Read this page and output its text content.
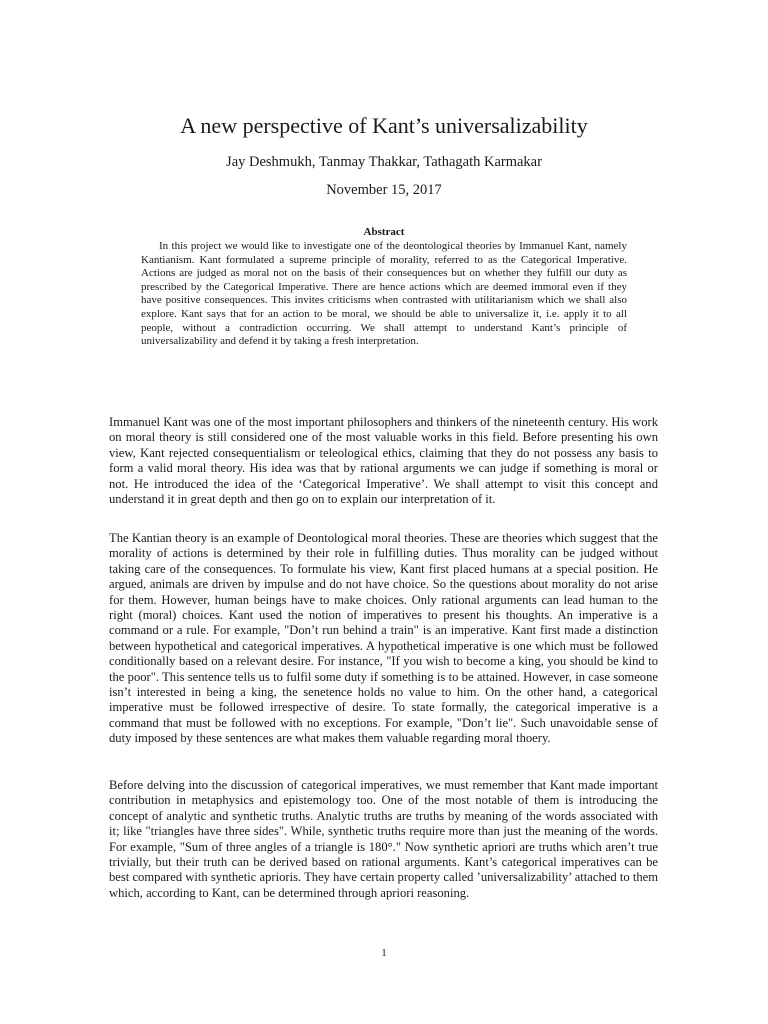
A new perspective of Kant’s universalizability
Jay Deshmukh, Tanmay Thakkar, Tathagath Karmakar
November 15, 2017
Abstract

In this project we would like to investigate one of the deontological theories by Immanuel Kant, namely Kantianism. Kant formulated a supreme principle of morality, referred to as the Categorical Imperative. Actions are judged as moral not on the basis of their consequences but on whether they fulfill our duty as prescribed by the Categorical Imperative. There are hence actions which are deemed immoral even if they have positive consequences. This invites criticisms when contrasted with utilitarianism which we shall also explore. Kant says that for an action to be moral, we should be able to universalize it, i.e. apply it to all people, without a contradiction occurring. We shall attempt to understand Kant’s principle of universalizability and defend it by taking a fresh interpretation.

Immanuel Kant was one of the most important philosophers and thinkers of the nineteenth century. His work on moral theory is still considered one of the most valuable works in this field. Before presenting his own view, Kant rejected consequentialism or teleological ethics, claiming that they do not possess any basis to form a valid moral theory. His idea was that by rational arguments we can judge if something is moral or not. He introduced the idea of the ‘Categorical Imperative’. We shall attempt to visit this concept and understand it in great depth and then go on to explain our interpretation of it.

The Kantian theory is an example of Deontological moral theories. These are theories which suggest that the morality of actions is determined by their role in fulfilling duties. Thus morality can be judged without taking care of the consequences. To formulate his view, Kant first placed humans at a special position. He argued, animals are driven by impulse and do not have choice. So the questions about morality do not arise for them. However, human beings have to make choices. Only rational arguments can lead human to the right (moral) choices. Kant used the notion of imperatives to present his thoughts. An imperative is a command or a rule. For example, "Don’t run behind a train" is an imperative. Kant first made a distinction between hypothetical and categorical imperatives. A hypothetical imperative is one which must be followed conditionally based on a relevant desire. For instance, "If you wish to become a king, you should be kind to the poor". This sentence tells us to fulfil some duty if something is to be attained. However, in case someone isn’t interested in being a king, the senetence holds no value to him. On the other hand, a categorical imperative must be followed irrespective of desire. To state formally, the categorical imperative is a command that must be followed with no exceptions. For example, "Don’t lie". Such unavoidable sense of duty imposed by these sentences are what makes them valuable regarding moral thoery.

Before delving into the discussion of categorical imperatives, we must remember that Kant made important contribution in metaphysics and epistemology too. One of the most notable of them is introducing the concept of analytic and synthetic truths. Analytic truths are truths by meaning of the words associated with it; like "triangles have three sides". While, synthetic truths require more than just the meaning of the words. For example, "Sum of three angles of a triangle is 180°." Now synthetic apriori are truths which aren’t true trivially, but their truth can be derived based on rational arguments. Kant’s categorical imperatives can be best compared with synthetic aprioris. They have certain property called ’universalizability’ attached to them which, according to Kant, can be determined through apriori reasoning.

1
